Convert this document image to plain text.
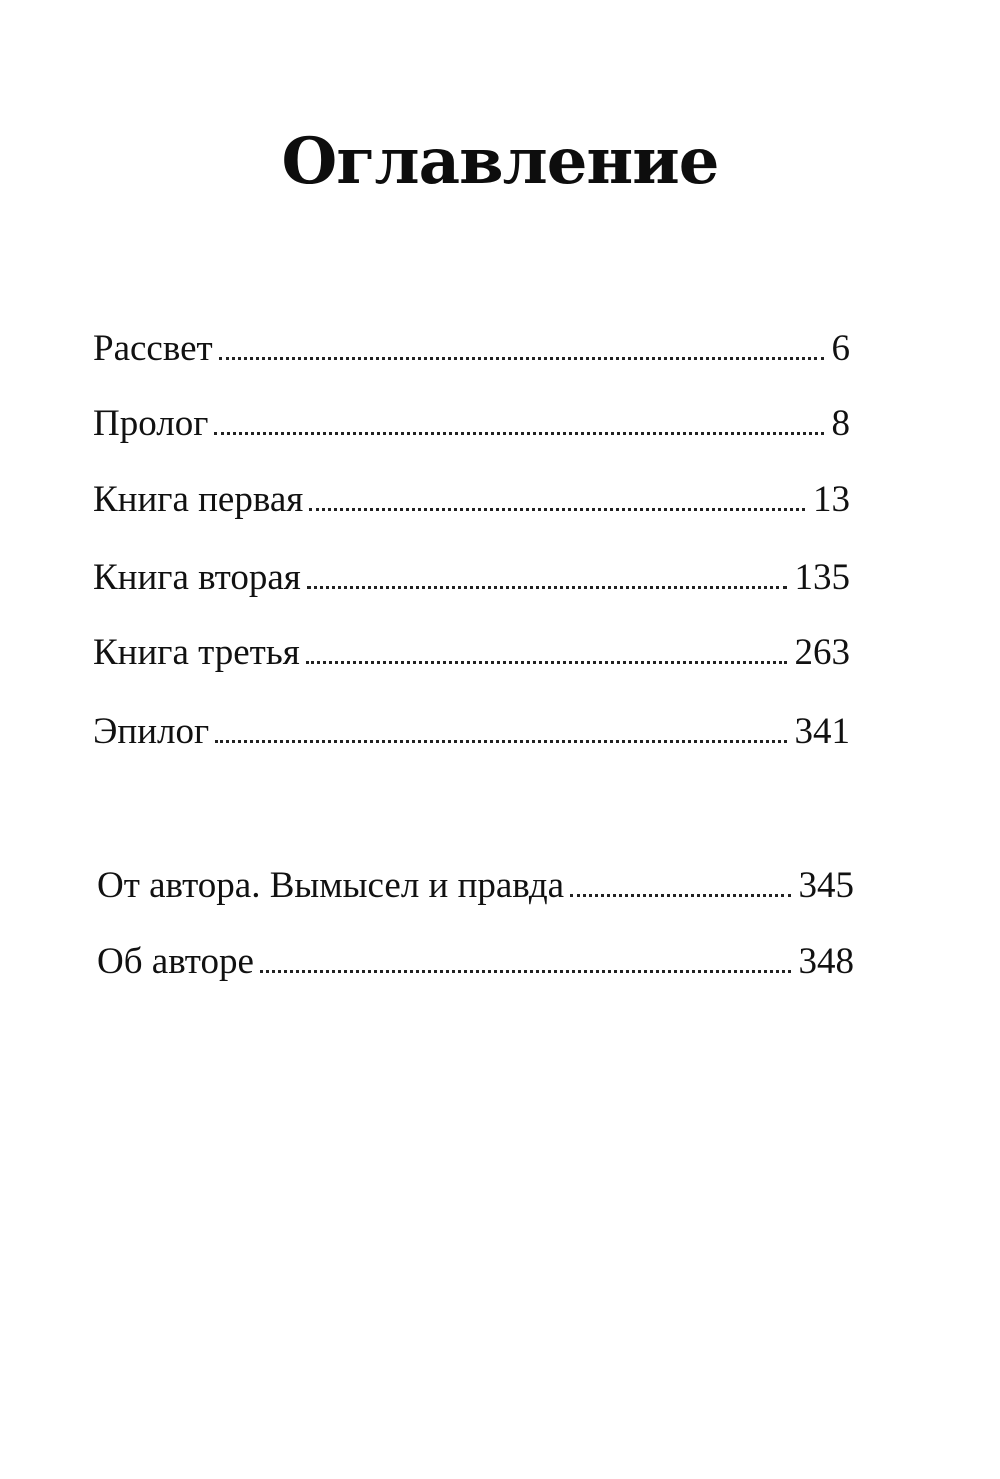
Оглавление
Рассвет	6
Пролог	8
Книга первая	13
Книга вторая	135
Книга третья	263
Эпилог	341
От автора. Вымысел и правда	345
Об авторе	348
